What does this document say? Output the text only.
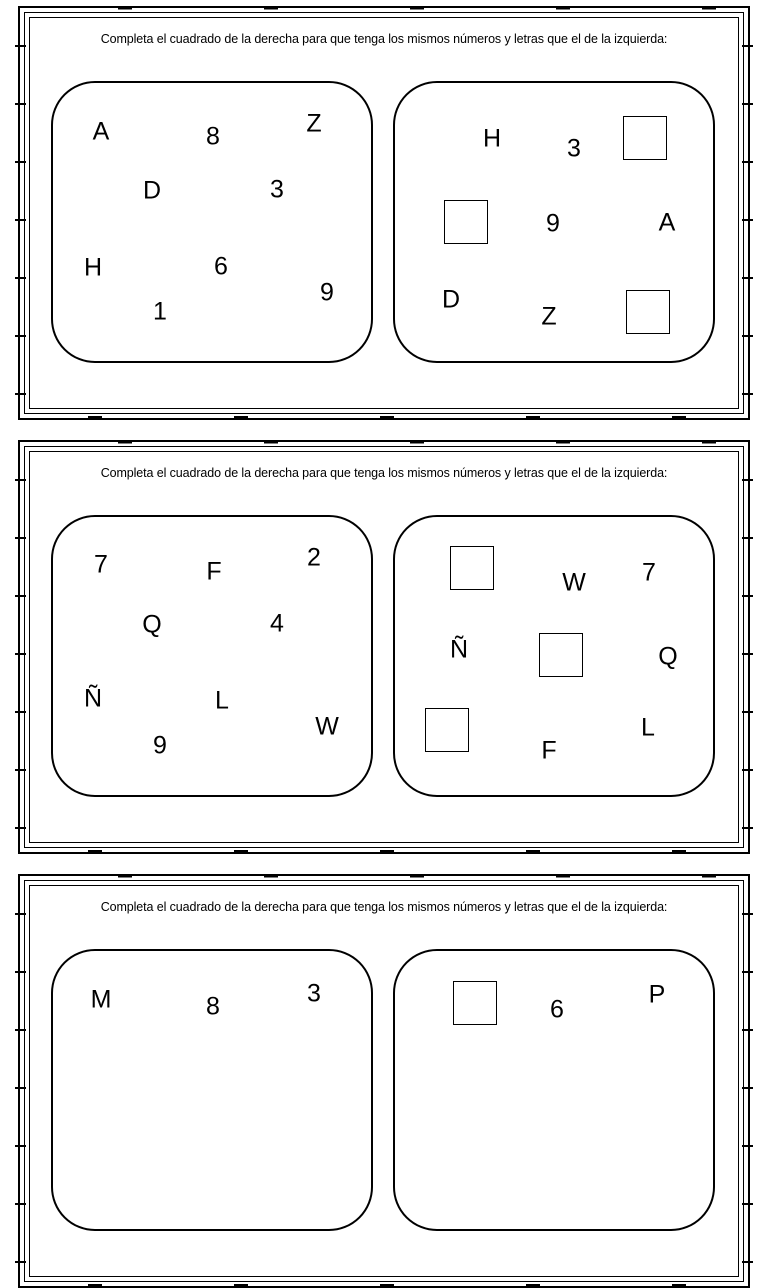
Completa el cuadrado de la derecha para que tenga los mismos números y letras que el de la izquierda:
A	8	Z
D	3
H	6
1
9
H	3
9	A
D
Z
Completa el cuadrado de la derecha para que tenga los mismos números y letras que el de la izquierda:
7	F	2
Q	4
Ñ	L
9
W
W 7
Ñ	Q
L
F
Completa el cuadrado de la derecha para que tenga los mismos números y letras que el de la izquierda:
M	8	3
6
P
